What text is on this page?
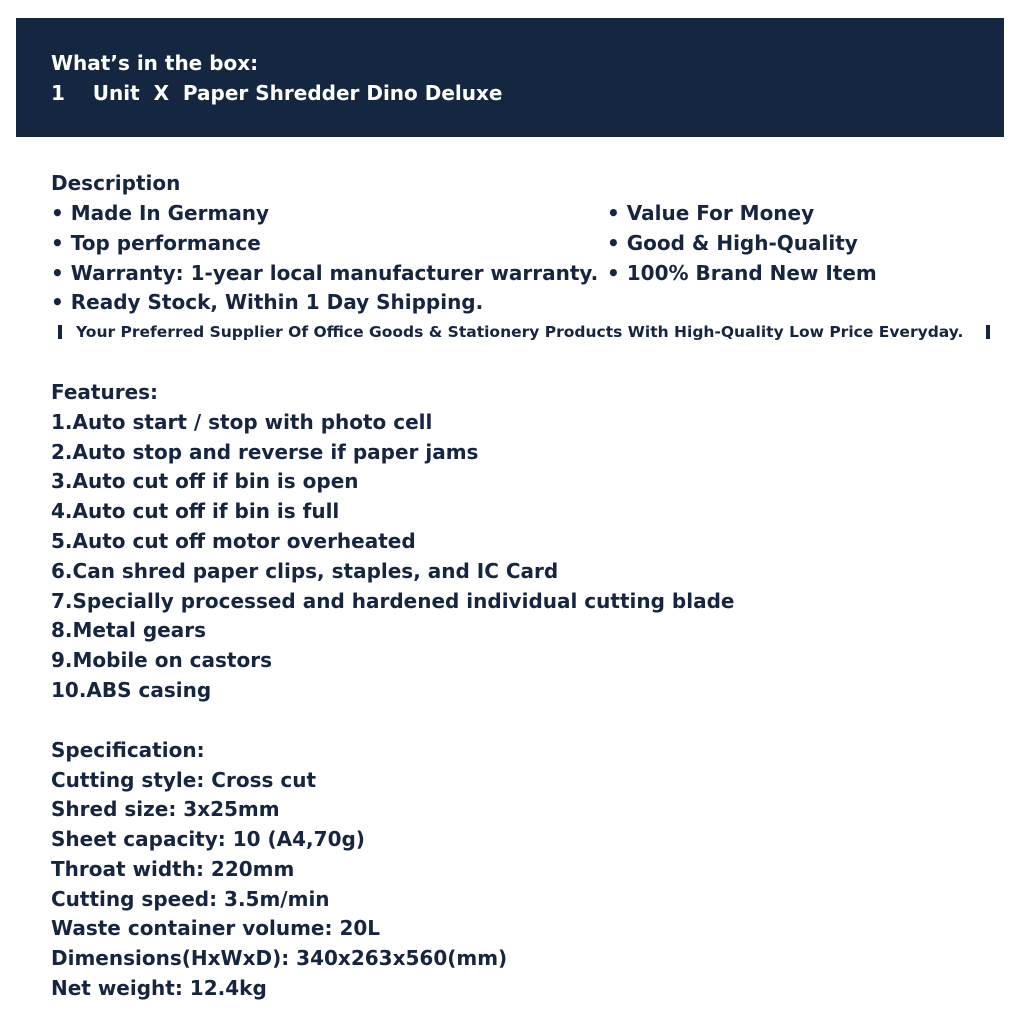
What’s in the box:
1    Unit  X  Paper Shredder Dino Deluxe
Description
• Made In Germany
• Top performance
• Warranty: 1-year local manufacturer warranty.
• Ready Stock, Within 1 Day Shipping.
• Value For Money
• Good & High-Quality
• 100% Brand New Item
Your Preferred Supplier Of Office Goods & Stationery Products With High-Quality Low Price Everyday.
Features:
1.Auto start / stop with photo cell
2.Auto stop and reverse if paper jams
3.Auto cut off if bin is open
4.Auto cut off if bin is full
5.Auto cut off motor overheated
6.Can shred paper clips, staples, and IC Card
7.Specially processed and hardened individual cutting blade
8.Metal gears
9.Mobile on castors
10.ABS casing
Specification:
Cutting style: Cross cut
Shred size: 3x25mm
Sheet capacity: 10 (A4,70g)
Throat width: 220mm
Cutting speed: 3.5m/min
Waste container volume: 20L
Dimensions(HxWxD): 340x263x560(mm)
Net weight: 12.4kg
